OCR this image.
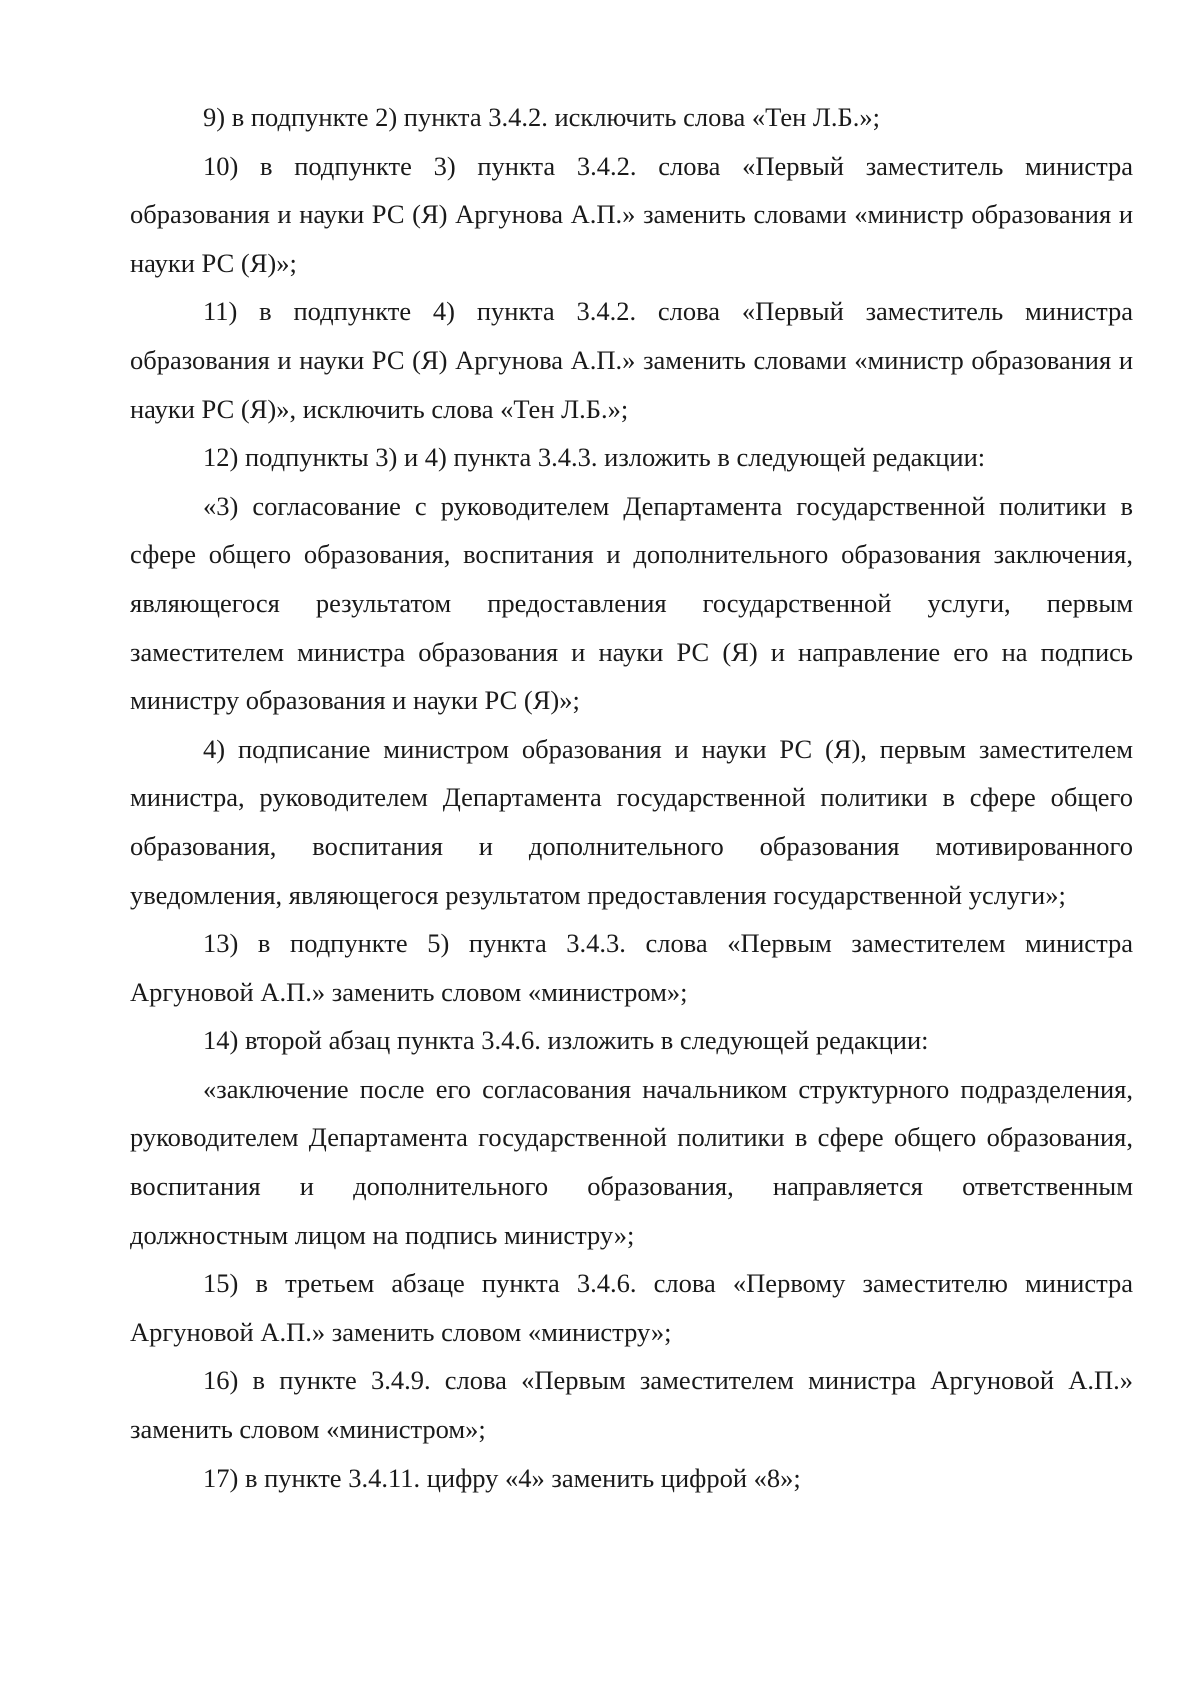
9) в подпункте 2) пункта 3.4.2. исключить слова «Тен Л.Б.»;

10) в подпункте 3) пункта 3.4.2. слова «Первый заместитель министра образования и науки РС (Я) Аргунова А.П.» заменить словами «министр образования и науки РС (Я)»;

11) в подпункте 4) пункта 3.4.2. слова «Первый заместитель министра образования и науки РС (Я) Аргунова А.П.» заменить словами «министр образования и науки РС (Я)», исключить слова «Тен Л.Б.»;

12) подпункты 3) и 4) пункта 3.4.3. изложить в следующей редакции:

«3) согласование с руководителем Департамента государственной политики в сфере общего образования, воспитания и дополнительного образования заключения, являющегося результатом предоставления государственной услуги, первым заместителем министра образования и науки РС (Я) и направление его на подпись министру образования и науки РС (Я)»;

4) подписание министром образования и науки РС (Я), первым заместителем министра, руководителем Департамента государственной политики в сфере общего образования, воспитания и дополнительного образования мотивированного уведомления, являющегося результатом предоставления государственной услуги»;

13) в подпункте 5) пункта 3.4.3. слова «Первым заместителем министра Аргуновой А.П.» заменить словом «министром»;

14) второй абзац пункта 3.4.6. изложить в следующей редакции:

«заключение после его согласования начальником структурного подразделения, руководителем Департамента государственной политики в сфере общего образования, воспитания и дополнительного образования, направляется ответственным должностным лицом на подпись министру»;

15) в третьем абзаце пункта 3.4.6. слова «Первому заместителю министра Аргуновой А.П.» заменить словом «министру»;

16) в пункте 3.4.9. слова «Первым заместителем министра Аргуновой А.П.» заменить словом «министром»;

17) в пункте 3.4.11. цифру «4» заменить цифрой «8»;
